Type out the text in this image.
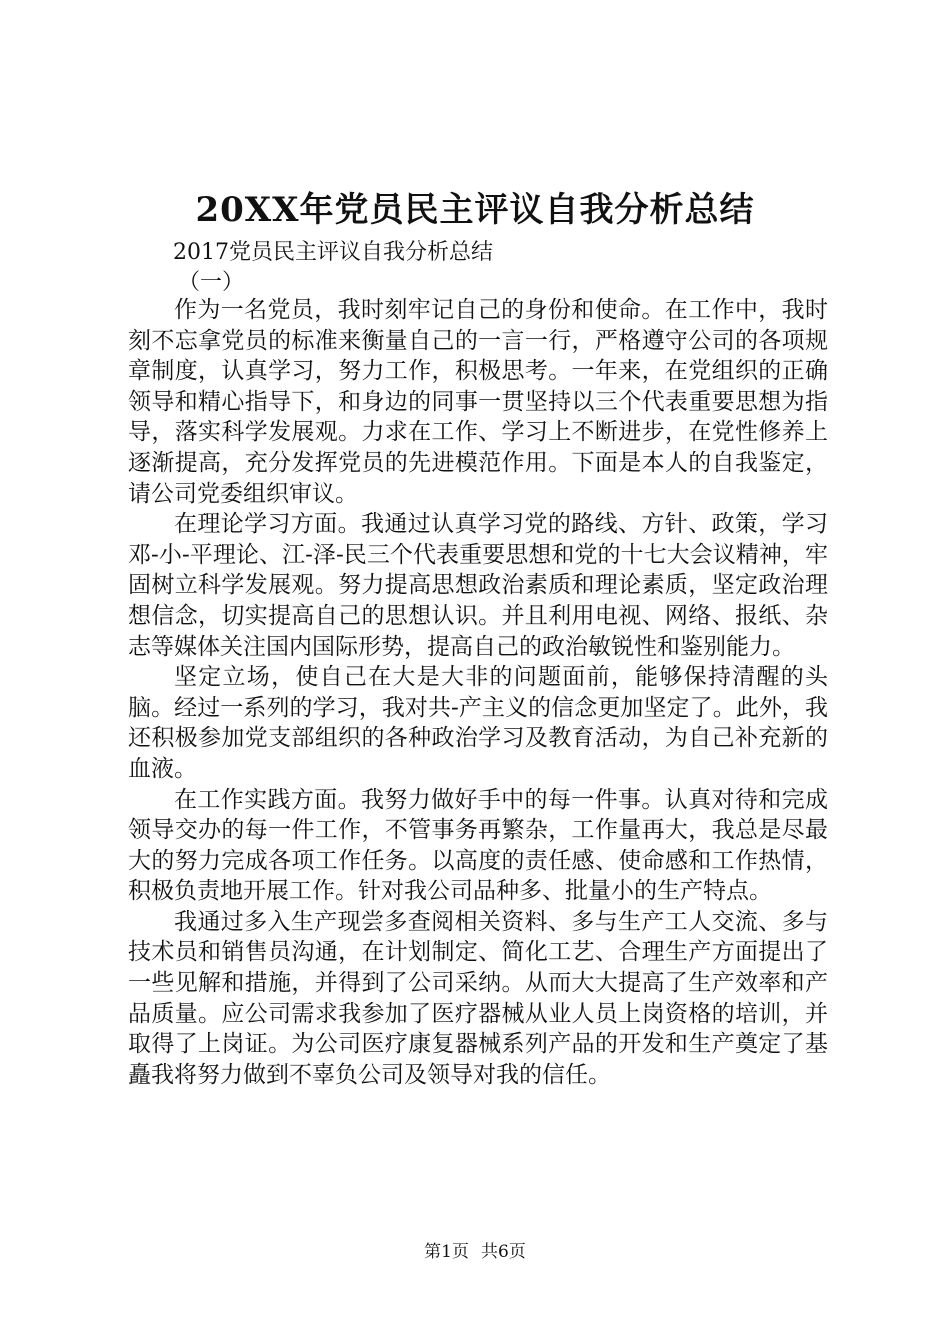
20XX年党员民主评议自我分析总结
2017党员民主评议自我分析总结
（一）

作为一名党员，我时刻牢记自己的身份和使命。在工作中，我时刻不忘拿党员的标准来衡量自己的一言一行，严格遵守公司的各项规章制度，认真学习，努力工作，积极思考。一年来，在党组织的正确领导和精心指导下，和身边的同事一贯坚持以三个代表重要思想为指导，落实科学发展观。力求在工作、学习上不断进步，在党性修养上逐渐提高，充分发挥党员的先进模范作用。下面是本人的自我鉴定，请公司党委组织审议。

在理论学习方面。我通过认真学习党的路线、方针、政策，学习邓-小-平理论、江-泽-民三个代表重要思想和党的十七大会议精神，牢固树立科学发展观。努力提高思想政治素质和理论素质，坚定政治理想信念，切实提高自己的思想认识。并且利用电视、网络、报纸、杂志等媒体关注国内国际形势，提高自己的政治敏锐性和鉴别能力。

坚定立场，使自己在大是大非的问题面前，能够保持清醒的头脑。经过一系列的学习，我对共-产主义的信念更加坚定了。此外，我还积极参加党支部组织的各种政治学习及教育活动，为自己补充新的血液。

在工作实践方面。我努力做好手中的每一件事。认真对待和完成领导交办的每一件工作，不管事务再繁杂，工作量再大，我总是尽最大的努力完成各项工作任务。以高度的责任感、使命感和工作热情，积极负责地开展工作。针对我公司品种多、批量小的生产特点。

我通过多入生产现尝多查阅相关资料、多与生产工人交流、多与技术员和销售员沟通，在计划制定、简化工艺、合理生产方面提出了一些见解和措施，并得到了公司采纳。从而大大提高了生产效率和产品质量。应公司需求我参加了医疗器械从业人员上岗资格的培训，并取得了上岗证。为公司医疗康复器械系列产品的开发和生产奠定了基矗我将努力做到不辜负公司及领导对我的信任。

第1页 共6页
